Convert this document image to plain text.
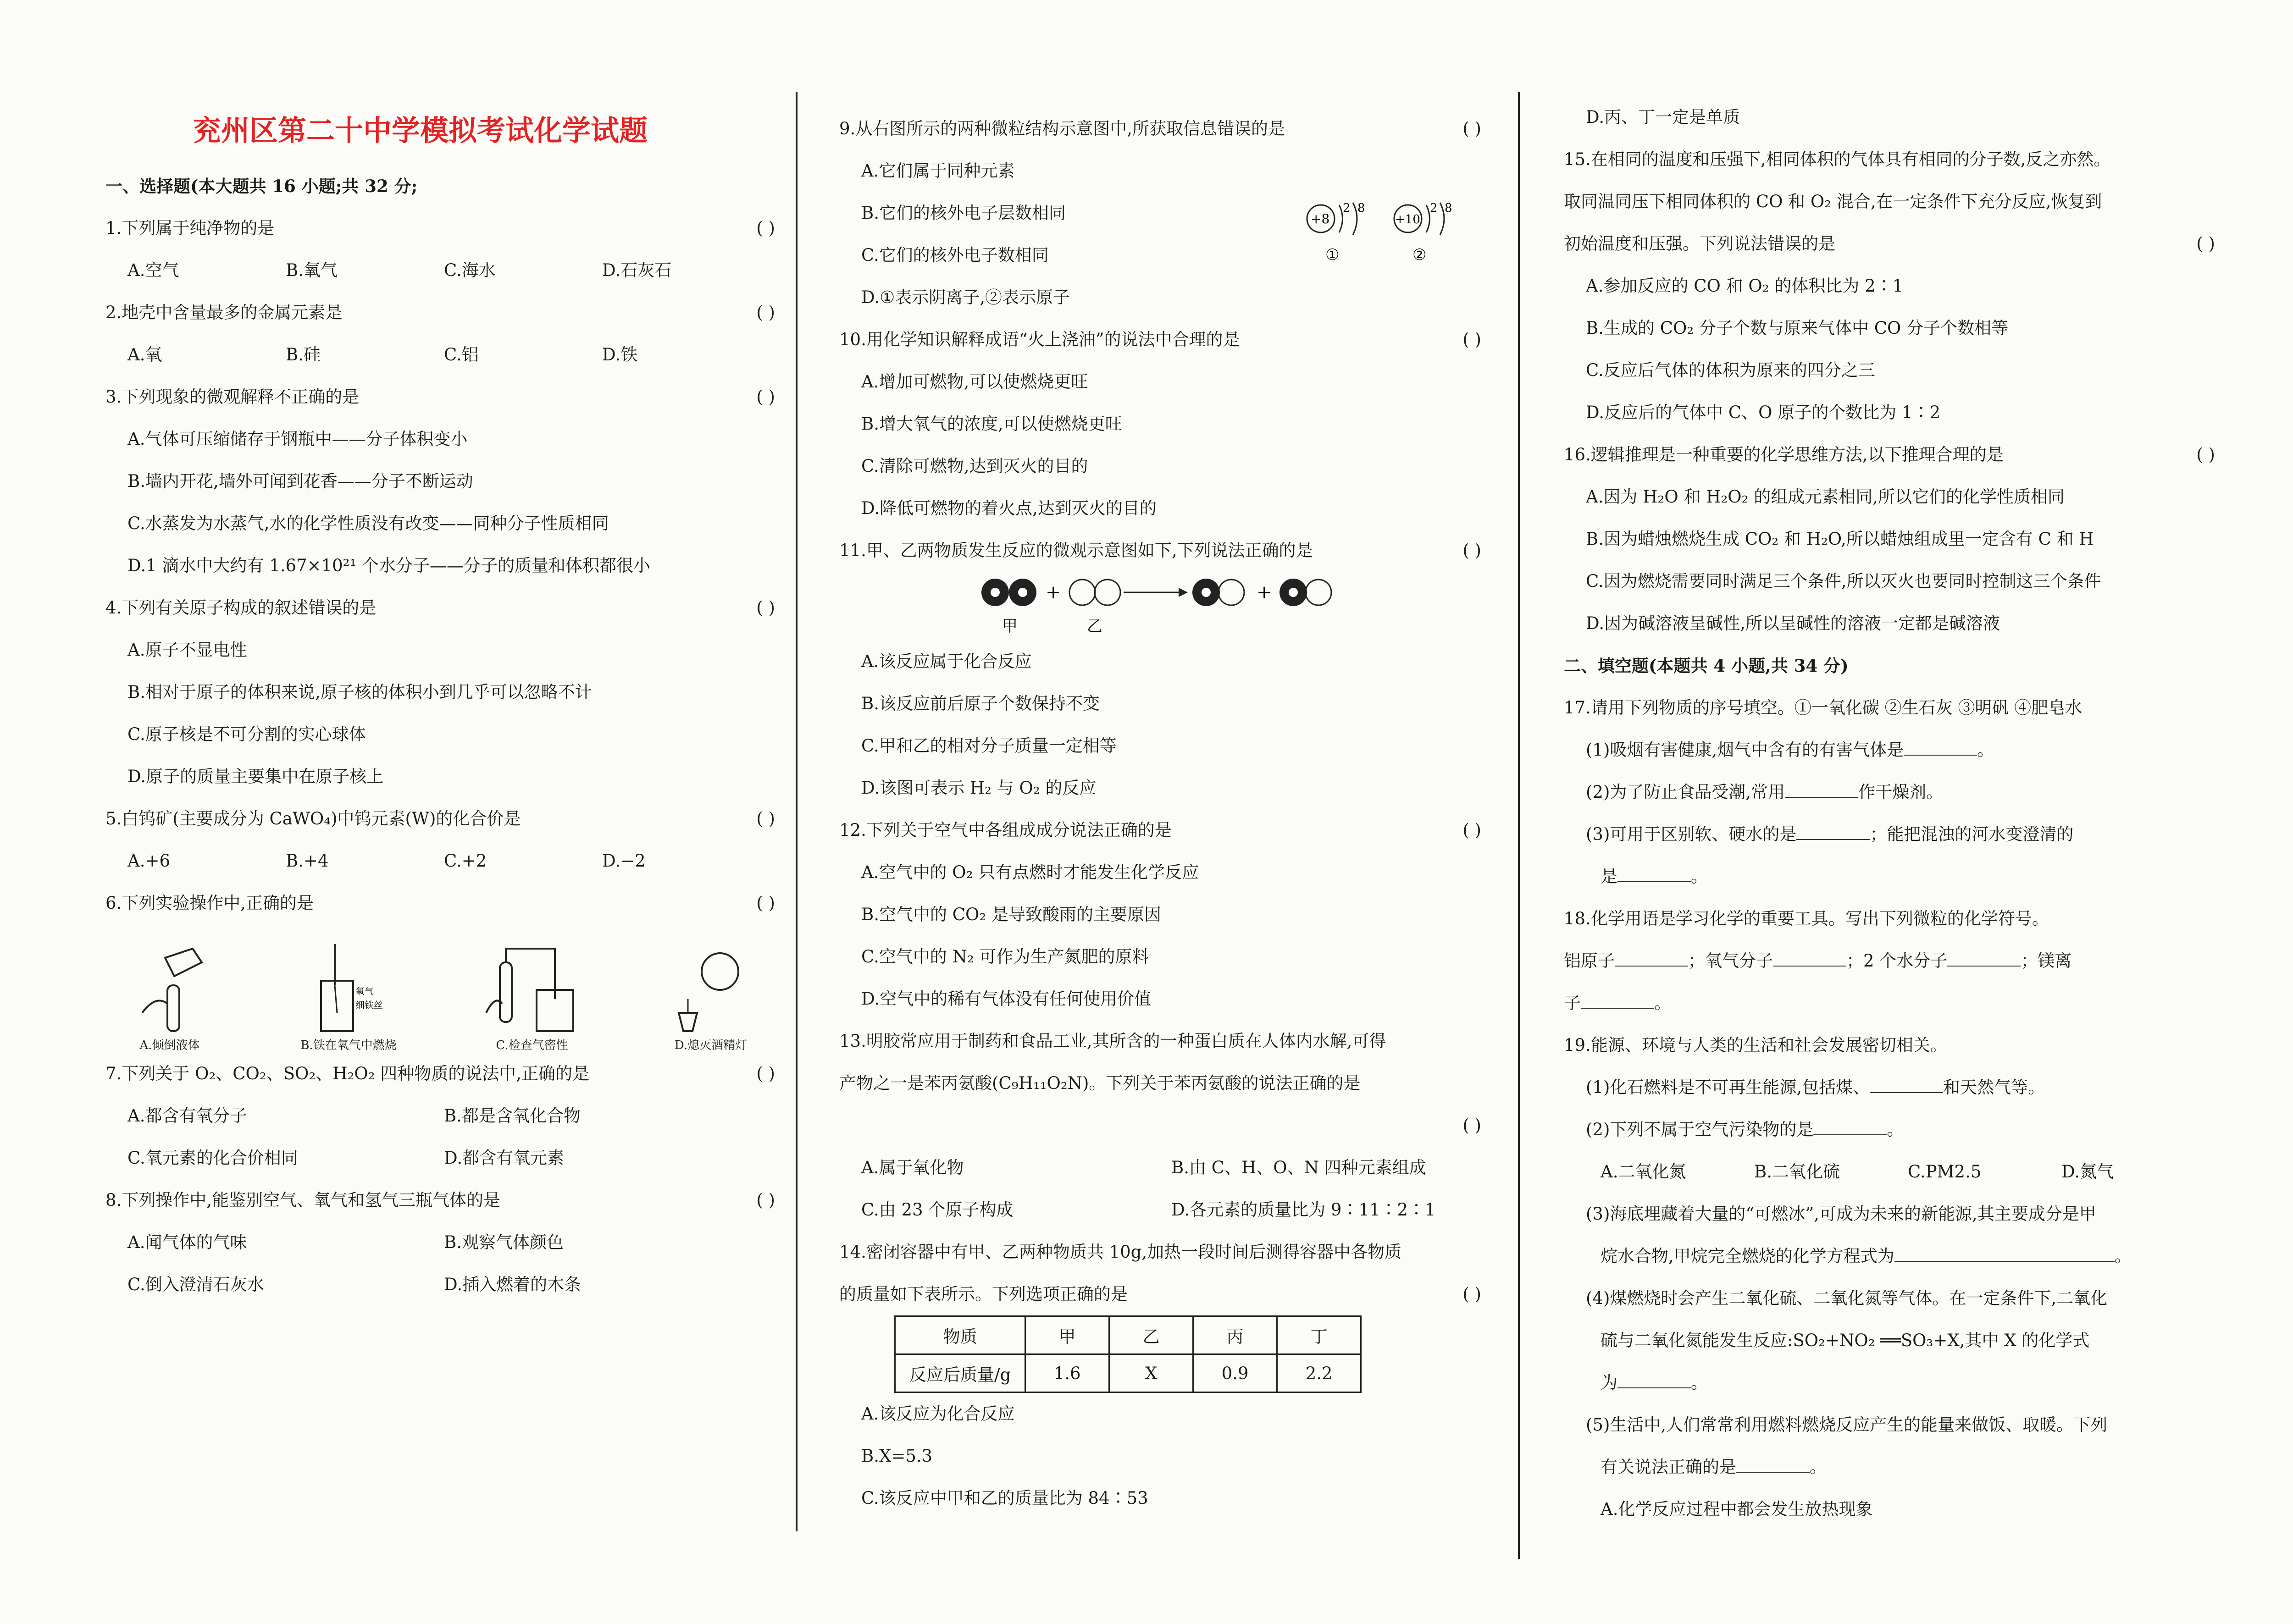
兖州区第二十中学模拟考试化学试题
一、选择题(本大题共 16 小题;共 32 分;
1.下列属于纯净物的是	( )
A.空气	B.氧气	C.海水	D.石灰石
2.地壳中含量最多的金属元素是	( )
A.氧	B.硅	C.铝	D.铁
3.下列现象的微观解释不正确的是	( )
A.气体可压缩储存于钢瓶中——分子体积变小
B.墙内开花,墙外可闻到花香——分子不断运动
C.水蒸发为水蒸气,水的化学性质没有改变——同种分子性质相同
D.1 滴水中大约有 1.67×10²¹ 个水分子——分子的质量和体积都很小
4.下列有关原子构成的叙述错误的是	( )
A.原子不显电性
B.相对于原子的体积来说,原子核的体积小到几乎可以忽略不计
C.原子核是不可分割的实心球体
D.原子的质量主要集中在原子核上
5.白钨矿(主要成分为 CaWO₄)中钨元素(W)的化合价是	( )
A.+6	B.+4	C.+2	D.−2
6.下列实验操作中,正确的是	( )
A.倾倒液体
氧气
细铁丝
B.铁在氧气中燃烧	C.检查气密性	D.熄灭酒精灯
7.下列关于 O₂、CO₂、SO₂、H₂O₂ 四种物质的说法中,正确的是	( )
A.都含有氧分子	B.都是含氧化合物
C.氧元素的化合价相同	D.都含有氧元素
8.下列操作中,能鉴别空气、氧气和氢气三瓶气体的是	( )
A.闻气体的气味	B.观察气体颜色
C.倒入澄清石灰水	D.插入燃着的木条
9.从右图所示的两种微粒结构示意图中,所获取信息错误的是	( )
A.它们属于同种元素
B.它们的核外电子层数相同
C.它们的核外电子数相同
D.①表示阴离子,②表示原子
+8
2 8
①
+10
2 8
②
10.用化学知识解释成语“火上浇油”的说法中合理的是	( )
A.增加可燃物,可以使燃烧更旺
B.增大氧气的浓度,可以使燃烧更旺
C.清除可燃物,达到灭火的目的
D.降低可燃物的着火点,达到灭火的目的
11.甲、乙两物质发生反应的微观示意图如下,下列说法正确的是	( )
+	+
甲	乙
A.该反应属于化合反应
B.该反应前后原子个数保持不变
C.甲和乙的相对分子质量一定相等
D.该图可表示 H₂ 与 O₂ 的反应
12.下列关于空气中各组成成分说法正确的是	( )
A.空气中的 O₂ 只有点燃时才能发生化学反应
B.空气中的 CO₂ 是导致酸雨的主要原因
C.空气中的 N₂ 可作为生产氮肥的原料
D.空气中的稀有气体没有任何使用价值
13.明胶常应用于制药和食品工业,其所含的一种蛋白质在人体内水解,可得
产物之一是苯丙氨酸(C₉H₁₁O₂N)。下列关于苯丙氨酸的说法正确的是
( )
A.属于氧化物	B.由 C、H、O、N 四种元素组成
C.由 23 个原子构成	D.各元素的质量比为 9∶11∶2∶1
14.密闭容器中有甲、乙两种物质共 10g,加热一段时间后测得容器中各物质
的质量如下表所示。下列选项正确的是	( )
物质	甲	乙	丙	丁
反应后质量/g	1.6	X	0.9	2.2
A.该反应为化合反应
B.X=5.3
C.该反应中甲和乙的质量比为 84∶53
D.丙、丁一定是单质
15.在相同的温度和压强下,相同体积的气体具有相同的分子数,反之亦然。
取同温同压下相同体积的 CO 和 O₂ 混合,在一定条件下充分反应,恢复到
初始温度和压强。下列说法错误的是	( )
A.参加反应的 CO 和 O₂ 的体积比为 2∶1
B.生成的 CO₂ 分子个数与原来气体中 CO 分子个数相等
C.反应后气体的体积为原来的四分之三
D.反应后的气体中 C、O 原子的个数比为 1∶2
16.逻辑推理是一种重要的化学思维方法,以下推理合理的是	( )
A.因为 H₂O 和 H₂O₂ 的组成元素相同,所以它们的化学性质相同
B.因为蜡烛燃烧生成 CO₂ 和 H₂O,所以蜡烛组成里一定含有 C 和 H
C.因为燃烧需要同时满足三个条件,所以灭火也要同时控制这三个条件
D.因为碱溶液呈碱性,所以呈碱性的溶液一定都是碱溶液
二、填空题(本题共 4 小题,共 34 分)
17.请用下列物质的序号填空。①一氧化碳 ②生石灰 ③明矾 ④肥皂水
(1)吸烟有害健康,烟气中含有的有害气体是	。
(2)为了防止食品受潮,常用	作干燥剂。
(3)可用于区别软、硬水的是	；能把混浊的河水变澄清的
是	。
18.化学用语是学习化学的重要工具。写出下列微粒的化学符号。
铝原子	；氧气分子	；2 个水分子	；镁离
子	。
19.能源、环境与人类的生活和社会发展密切相关。
(1)化石燃料是不可再生能源,包括煤、	和天然气等。
(2)下列不属于空气污染物的是	。
A.二氧化氮	B.二氧化硫	C.PM2.5	D.氮气
(3)海底埋藏着大量的“可燃冰”,可成为未来的新能源,其主要成分是甲
烷水合物,甲烷完全燃烧的化学方程式为	。
(4)煤燃烧时会产生二氧化硫、二氧化氮等气体。在一定条件下,二氧化
硫与二氧化氮能发生反应:SO₂+NO₂ ══SO₃+X,其中 X 的化学式
为	。
(5)生活中,人们常常利用燃料燃烧反应产生的能量来做饭、取暖。下列
有关说法正确的是	。
A.化学反应过程中都会发生放热现象
